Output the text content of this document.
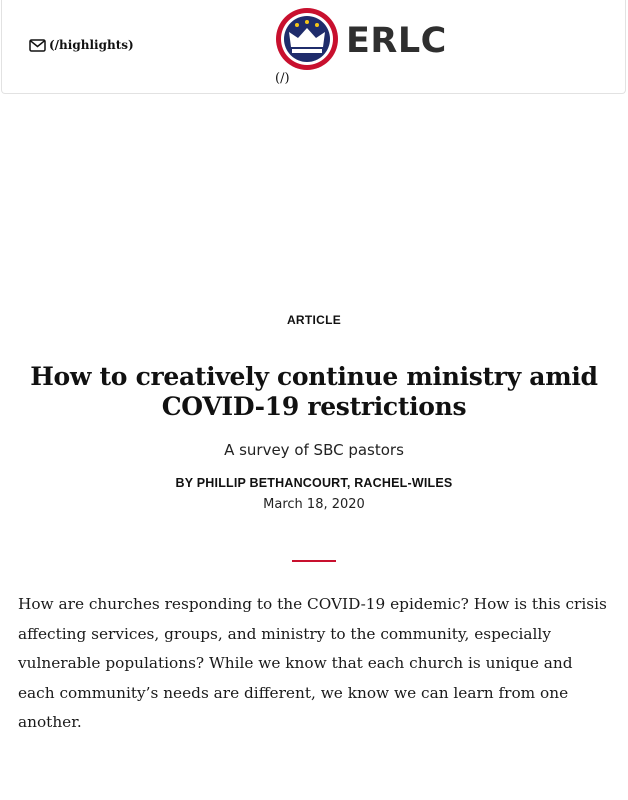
(/highlights)	ERLC
(/)
ARTICLE
How to creatively continue ministry amid COVID-19 restrictions
A survey of SBC pastors
BY PHILLIP BETHANCOURT, RACHEL-WILES
March 18, 2020

How are churches responding to the COVID-19 epidemic? How is this crisis affecting services, groups, and ministry to the community, especially vulnerable populations? While we know that each church is unique and each community’s needs are different, we know we can learn from one another.
